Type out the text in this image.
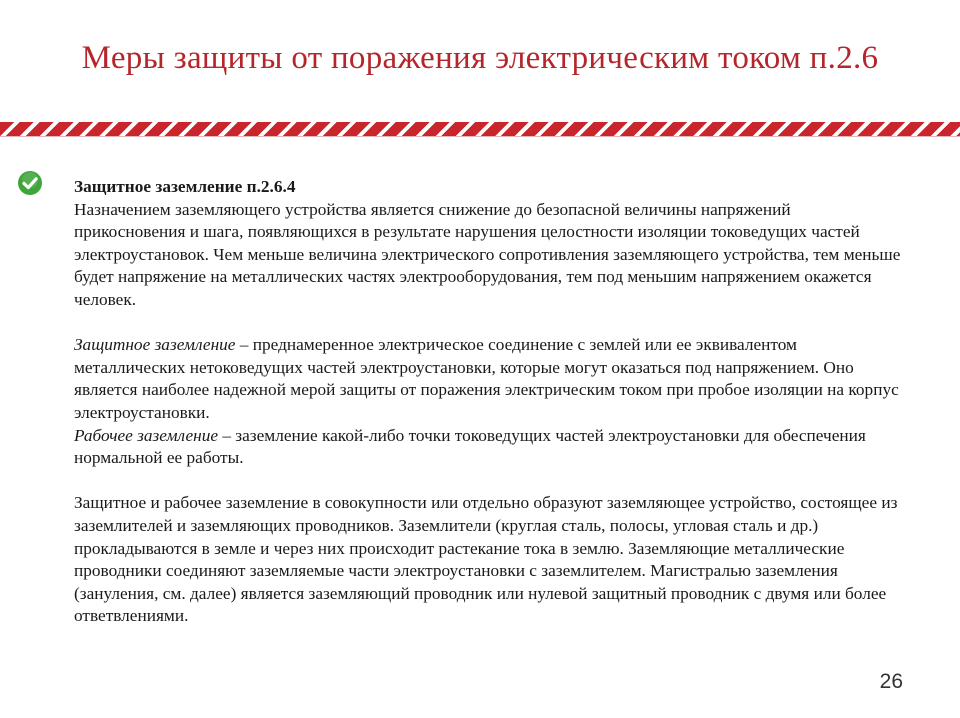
Меры защиты от поражения электрическим током п.2.6

Защитное заземление п.2.6.4

Назначением заземляющего устройства является снижение до безопасной величины напряжений прикосновения и шага, появляющихся в результате нарушения целостности изоляции токоведущих частей электроустановок. Чем меньше величина электрического сопротивления заземляющего устройства, тем меньше будет напряжение на металлических частях электрооборудования, тем под меньшим напряжением окажется человек.

Защитное заземление – преднамеренное электрическое соединение с землей или ее эквивалентом металлических нетоковедущих частей электроустановки, которые могут оказаться под напряжением. Оно является наиболее надежной мерой защиты от поражения электрическим током при пробое изоляции на корпус электроустановки.

Рабочее заземление – заземление какой-либо точки токоведущих частей электроустановки для обеспечения нормальной ее работы.

Защитное и рабочее заземление в совокупности или отдельно образуют заземляющее устройство, состоящее из заземлителей и заземляющих проводников. Заземлители (круглая сталь, полосы, угловая сталь и др.) прокладываются в земле и через них происходит растекание тока в землю. Заземляющие металлические проводники соединяют заземляемые части электроустановки с заземлителем. Магистралью заземления (зануления, см. далее) является заземляющий проводник или нулевой защитный проводник с двумя или более ответвлениями.

26
